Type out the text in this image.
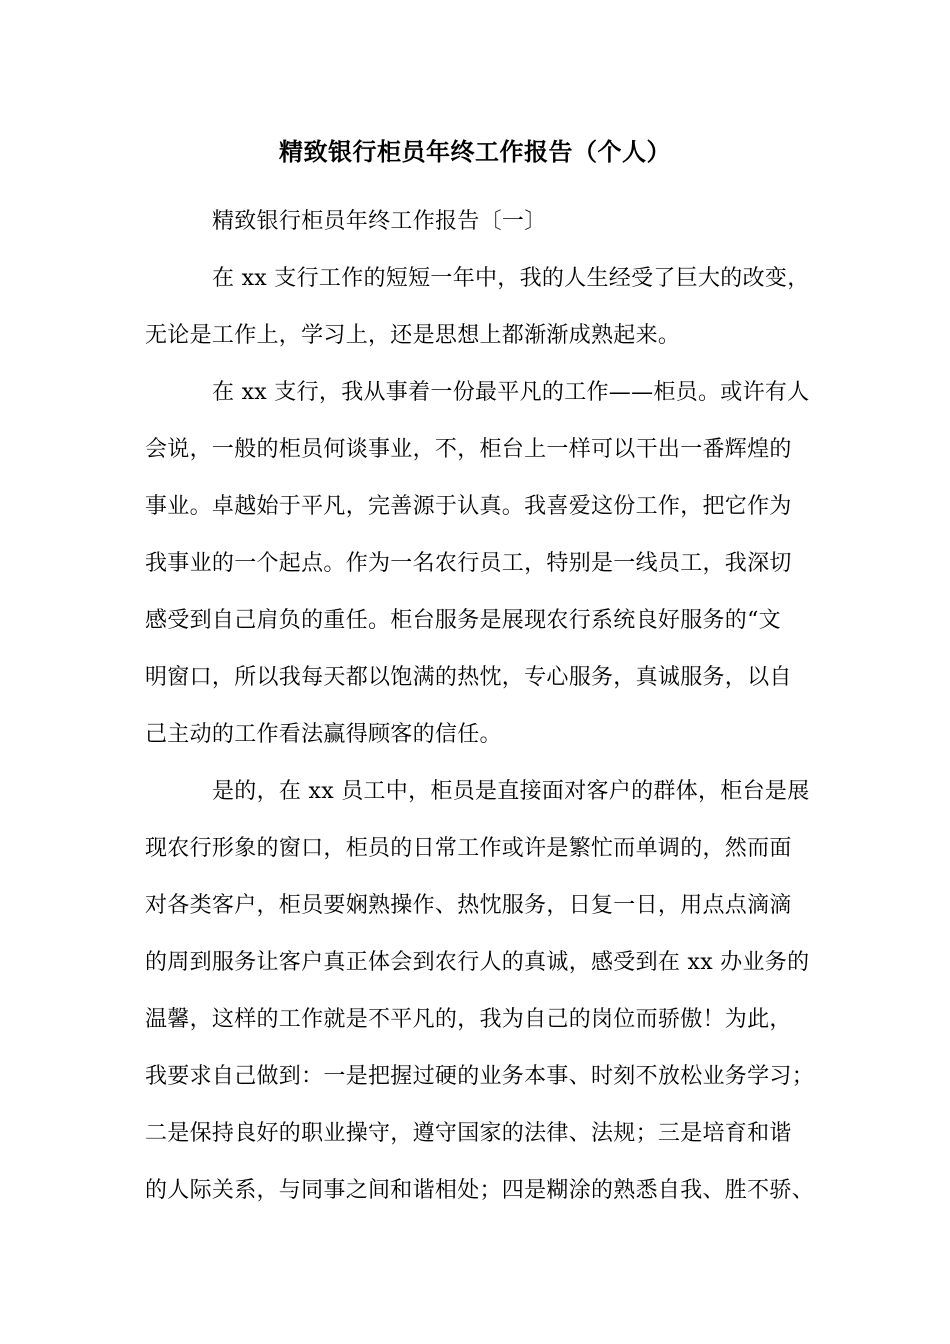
精致银行柜员年终工作报告（个人）
精致银行柜员年终工作报告〔一〕
在 xx 支行工作的短短一年中，我的人生经受了巨大的改变，
无论是工作上，学习上，还是思想上都渐渐成熟起来。
在 xx 支行，我从事着一份最平凡的工作——柜员。或许有人
会说，一般的柜员何谈事业，不，柜台上一样可以干出一番辉煌的
事业。卓越始于平凡，完善源于认真。我喜爱这份工作，把它作为
我事业的一个起点。作为一名农行员工，特别是一线员工，我深切
感受到自己肩负的重任。柜台服务是展现农行系统良好服务的“文
明窗口，所以我每天都以饱满的热忱，专心服务，真诚服务，以自
己主动的工作看法赢得顾客的信任。
是的，在 xx 员工中，柜员是直接面对客户的群体，柜台是展
现农行形象的窗口，柜员的日常工作或许是繁忙而单调的，然而面
对各类客户，柜员要娴熟操作、热忱服务，日复一日，用点点滴滴
的周到服务让客户真正体会到农行人的真诚，感受到在 xx 办业务的
温馨，这样的工作就是不平凡的，我为自己的岗位而骄傲！为此，
我要求自己做到：一是把握过硬的业务本事、时刻不放松业务学习；
二是保持良好的职业操守，遵守国家的法律、法规；三是培育和谐
的人际关系，与同事之间和谐相处；四是糊涂的熟悉自我、胜不骄、
